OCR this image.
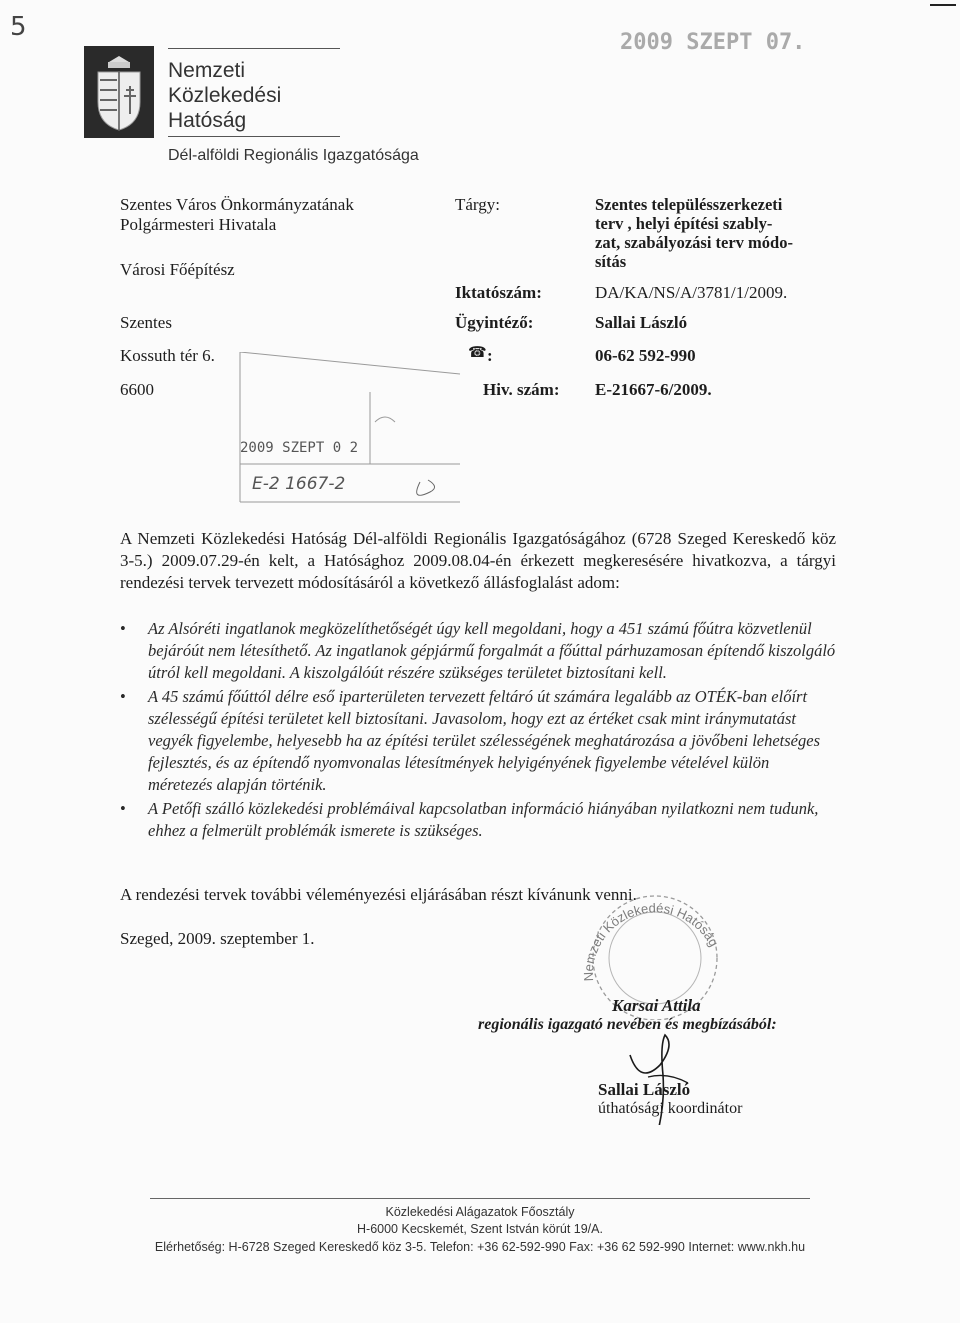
5
Nemzeti
Közlekedési
Hatóság
Dél-alföldi Regionális Igazgatósága
2009 SZEPT 07.
Szentes Város Önkormányzatának
Polgármesteri Hivatala
Városi Főépítész
Szentes
Kossuth tér 6.
6600
Tárgy:	Szentes településszerkezeti
terv , helyi építési szably-
zat, szabályozási terv módo-
sítás
Iktatószám:	DA/KA/NS/A/3781/1/2009.
Ügyintéző:	Sallai László
☎ :	06-62 592-990
Hiv. szám: E-21667-6/2009.
2009 SZEPT 0 2
E-2 1667-2
A Nemzeti Közlekedési Hatóság Dél-alföldi Regionális Igazgatóságához (6728 Szeged Kereskedő köz 3-5.) 2009.07.29-én kelt, a Hatósághoz 2009.08.04-én érkezett megkeresésére hivatkozva, a tárgyi rendezési tervek tervezett módosításáról a következő állásfoglalást adom:
• Az Alsóréti ingatlanok megközelíthetőségét úgy kell megoldani, hogy a 451 számú főútra közvetlenül bejáróút nem létesíthető. Az ingatlanok gépjármű forgalmát a főúttal párhuzamosan építendő kiszolgáló útról kell megoldani. A kiszolgálóút részére szükséges területet biztosítani kell.
• A 45 számú főúttól délre eső iparterületen tervezett feltáró út számára legalább az OTÉK-ban előírt szélességű építési területet kell biztosítani. Javasolom, hogy ezt az értéket csak mint iránymutatást vegyék figyelembe, helyesebb ha az építési terület szélességének meghatározása a jövőbeni lehetséges fejlesztés, és az építendő nyomvonalas létesítmények helyigényének figyelembe vételével külön méretezés alapján történik.
• A Petőfi szálló közlekedési problémáival kapcsolatban információ hiányában nyilatkozni nem tudunk, ehhez a felmerült problémák ismerete is szükséges.
A rendezési tervek további véleményezési eljárásában részt kívánunk venni.
Szeged, 2009. szeptember 1.
Nemzeti Közlekedési Hatóság
Karsai Attila
regionális igazgató nevében és megbízásából:
Sallai László
úthatósági koordinátor
Közlekedési Alágazatok Főosztály
H-6000 Kecskemét, Szent István körút 19/A.
Elérhetőség: H-6728 Szeged Kereskedő köz 3-5. Telefon: +36 62-592-990 Fax: +36 62 592-990 Internet: www.nkh.hu
